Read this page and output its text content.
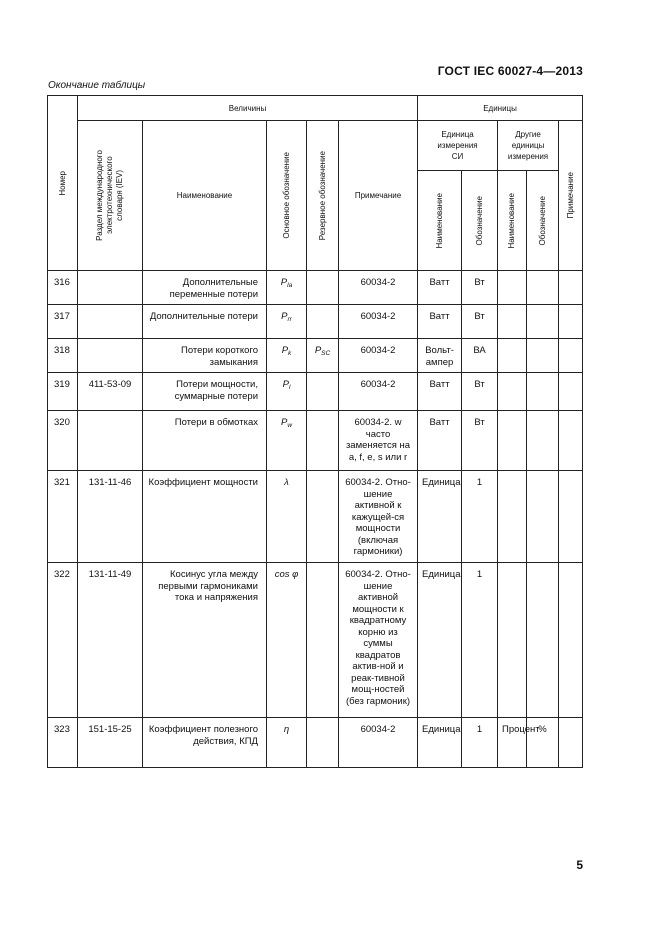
ГОСТ IEC 60027-4—2013
Окончание таблицы
Номер	Величины					Единицы				

	Раздел международного
электротехнического
словаря (IEV)	Наименование	Основное обозначение	Резервное обозначение	Примечание	Единица
измерения
СИ		Другие
единицы
измерения		Примечание

						Наименование	Обозначение	Наименование	Обозначение	

316		Дополнительные переменные потери	$P_{la}$		60034-2	Ватт	Вт			
317		Дополнительные потери	$P_{rr}$		60034-2	Ватт	Вт			
318		Потери короткого замыкания	$P_k$	$P_{SC}$	60034-2	Вольт-ампер	ВА			
319	411-53-09	Потери мощности, суммарные потери	$P_l$		60034-2	Ватт	Вт			
320		Потери в обмотках	$P_w$		60034-2. w часто заменяется на a, f, e, s или r	Ватт	Вт			
321	131-11-46	Коэффициент мощности	λ		60034-2. Отно-шение активной к кажущей-ся мощности (включая гармоники)	Единица	1			
322	131-11-49	Косинус угла между первыми гармониками тока и напряжения	cos φ		60034-2. Отно-шение активной мощности к квадратному корню из суммы квадратов актив-ной и реак-тивной мощ-ностей (без гармоник)	Единица	1			
323	151-15-25	Коэффициент полезного действия, КПД	η		60034-2	Единица	1	Процент	%	
5
